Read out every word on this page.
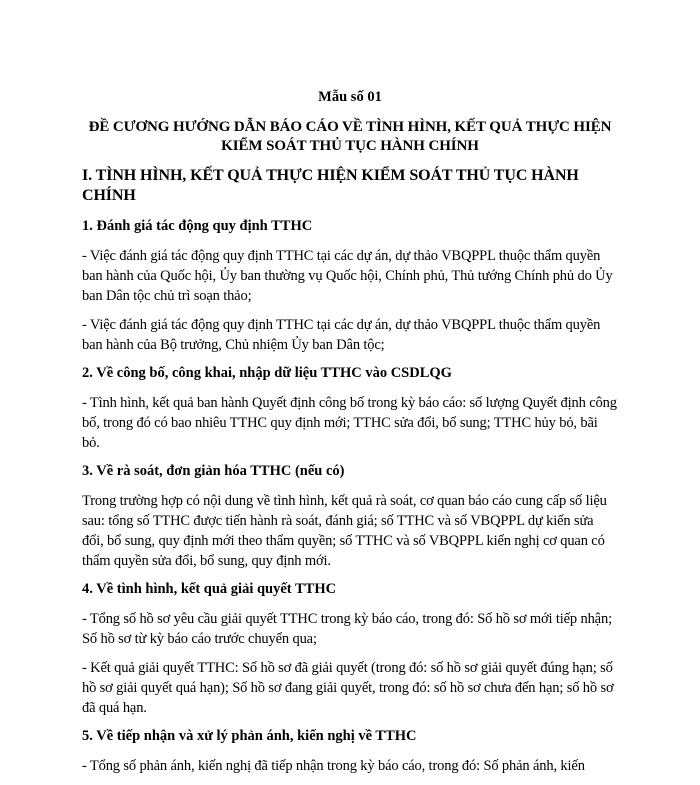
Mẫu số 01
ĐỀ CƯƠNG HƯỚNG DẪN BÁO CÁO VỀ TÌNH HÌNH, KẾT QUẢ THỰC HIỆN KIỂM SOÁT THỦ TỤC HÀNH CHÍNH
I. TÌNH HÌNH, KẾT QUẢ THỰC HIỆN KIỂM SOÁT THỦ TỤC HÀNH CHÍNH
1. Đánh giá tác động quy định TTHC

- Việc đánh giá tác động quy định TTHC tại các dự án, dự thảo VBQPPL thuộc thẩm quyền ban hành của Quốc hội, Ủy ban thường vụ Quốc hội, Chính phủ, Thủ tướng Chính phủ do Ủy ban Dân tộc chủ trì soạn thảo;

- Việc đánh giá tác động quy định TTHC tại các dự án, dự thảo VBQPPL thuộc thẩm quyền ban hành của Bộ trưởng, Chủ nhiệm Ủy ban Dân tộc;

2. Về công bố, công khai, nhập dữ liệu TTHC vào CSDLQG

- Tình hình, kết quả ban hành Quyết định công bố trong kỳ báo cáo: số lượng Quyết định công bố, trong đó có bao nhiêu TTHC quy định mới; TTHC sửa đổi, bổ sung; TTHC hủy bỏ, bãi bỏ.

3. Về rà soát, đơn giản hóa TTHC (nếu có)

Trong trường hợp có nội dung về tình hình, kết quả rà soát, cơ quan báo cáo cung cấp số liệu sau: tổng số TTHC được tiến hành rà soát, đánh giá; số TTHC và số VBQPPL dự kiến sửa đổi, bổ sung, quy định mới theo thẩm quyền; số TTHC và số VBQPPL kiến nghị cơ quan có thẩm quyền sửa đổi, bổ sung, quy định mới.

4. Về tình hình, kết quả giải quyết TTHC

- Tổng số hồ sơ yêu cầu giải quyết TTHC trong kỳ báo cáo, trong đó: Số hồ sơ mới tiếp nhận; Số hồ sơ từ kỳ báo cáo trước chuyển qua;

- Kết quả giải quyết TTHC: Số hồ sơ đã giải quyết (trong đó: số hồ sơ giải quyết đúng hạn; số hồ sơ giải quyết quá hạn); Số hồ sơ đang giải quyết, trong đó: số hồ sơ chưa đến hạn; số hồ sơ đã quá hạn.

5. Về tiếp nhận và xử lý phản ánh, kiến nghị về TTHC

- Tổng số phản ánh, kiến nghị đã tiếp nhận trong kỳ báo cáo, trong đó: Số phản ánh, kiến
